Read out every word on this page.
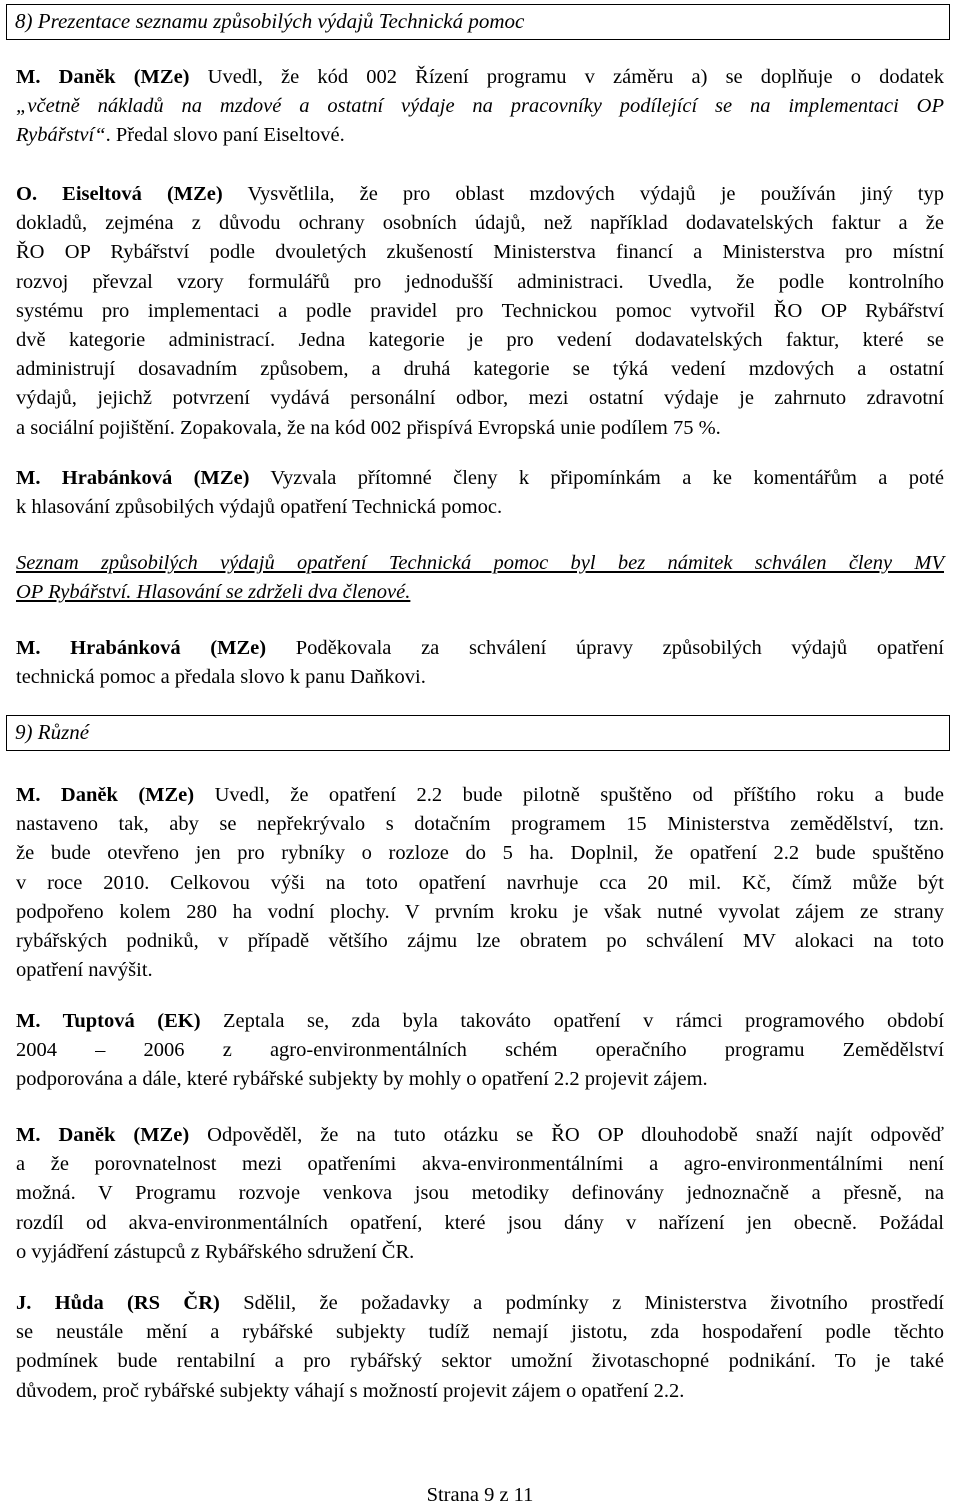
8) Prezentace seznamu způsobilých výdajů Technická pomoc
M. Daněk (MZe) Uvedl, že kód 002 Řízení programu v záměru a) se doplňuje o dodatek
„včetně nákladů na mzdové a ostatní výdaje na pracovníky podílející se na implementaci OP
Rybářství“. Předal slovo paní Eiseltové.
O. Eiseltová (MZe) Vysvětlila, že pro oblast mzdových výdajů je používán jiný typ
dokladů, zejména z důvodu ochrany osobních údajů, než například dodavatelských faktur a že
ŘO OP Rybářství podle dvouletých zkušeností Ministerstva financí a Ministerstva pro místní
rozvoj převzal vzory formulářů pro jednodušší administraci. Uvedla, že podle kontrolního
systému pro implementaci a podle pravidel pro Technickou pomoc vytvořil ŘO OP Rybářství
dvě kategorie administrací. Jedna kategorie je pro vedení dodavatelských faktur, které se
administrují dosavadním způsobem, a druhá kategorie se týká vedení mzdových a ostatní
výdajů, jejichž potvrzení vydává personální odbor, mezi ostatní výdaje je zahrnuto zdravotní
a sociální pojištění. Zopakovala, že na kód 002 přispívá Evropská unie podílem 75 %.
M. Hrabánková (MZe) Vyzvala přítomné členy k připomínkám a ke komentářům a poté
k hlasování způsobilých výdajů opatření Technická pomoc.
Seznam způsobilých výdajů opatření Technická pomoc byl bez námitek schválen členy MV
OP Rybářství. Hlasování se zdrželi dva členové.
M. Hrabánková (MZe) Poděkovala za schválení úpravy způsobilých výdajů opatření
technická pomoc a předala slovo k panu Daňkovi.
9) Různé
M. Daněk (MZe) Uvedl, že opatření 2.2 bude pilotně spuštěno od příštího roku a bude
nastaveno tak, aby se nepřekrývalo s dotačním programem 15 Ministerstva zemědělství, tzn.
že bude otevřeno jen pro rybníky o rozloze do 5 ha. Doplnil, že opatření 2.2 bude spuštěno
v roce 2010. Celkovou výši na toto opatření navrhuje cca 20 mil. Kč, čímž může být
podpořeno kolem 280 ha vodní plochy. V prvním kroku je však nutné vyvolat zájem ze strany
rybářských podniků, v případě většího zájmu lze obratem po schválení MV alokaci na toto
opatření navýšit.
M. Tuptová (EK) Zeptala se, zda byla takováto opatření v rámci programového období
2004 – 2006 z agro-environmentálních schém operačního programu Zemědělství
podporována a dále, které rybářské subjekty by mohly o opatření 2.2 projevit zájem.
M. Daněk (MZe) Odpověděl, že na tuto otázku se ŘO OP dlouhodobě snaží najít odpověď
a že porovnatelnost mezi opatřeními akva-environmentálními a agro-environmentálními není
možná. V Programu rozvoje venkova jsou metodiky definovány jednoznačně a přesně, na
rozdíl od akva-environmentálních opatření, které jsou dány v nařízení jen obecně. Požádal
o vyjádření zástupců z Rybářského sdružení ČR.
J. Hůda (RS ČR) Sdělil, že požadavky a podmínky z Ministerstva životního prostředí
se neustále mění a rybářské subjekty tudíž nemají jistotu, zda hospodaření podle těchto
podmínek bude rentabilní a pro rybářský sektor umožní životaschopné podnikání. To je také
důvodem, proč rybářské subjekty váhají s možností projevit zájem o opatření 2.2.
Strana 9 z 11
